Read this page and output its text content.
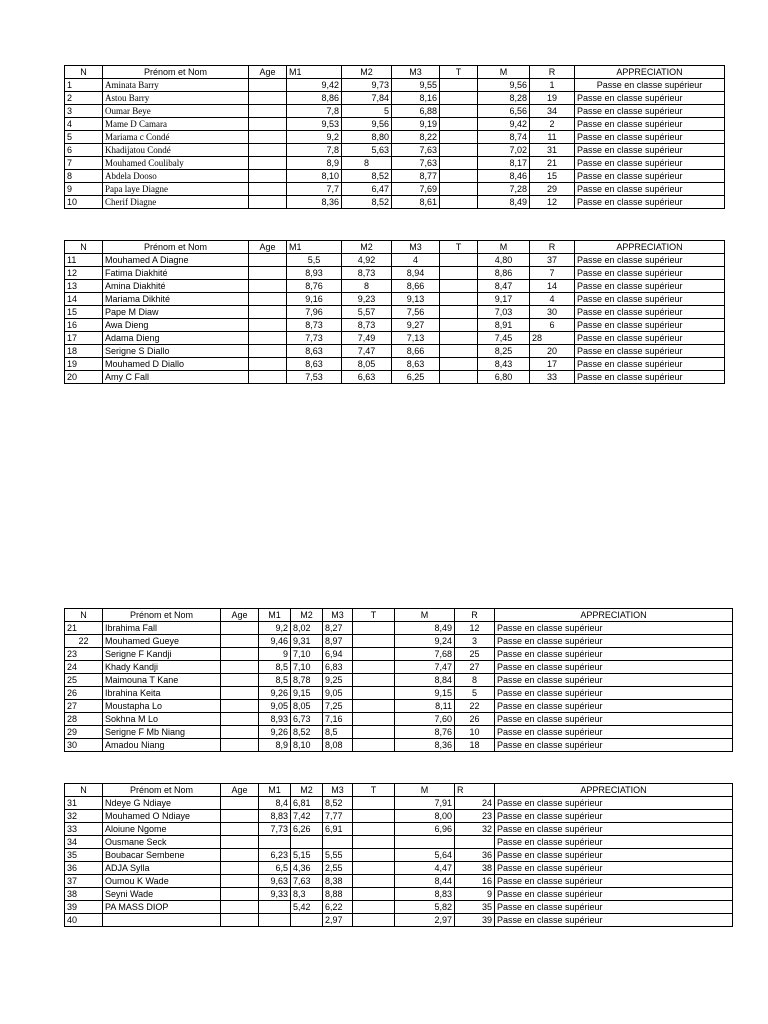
N	Prénom et Nom	Age	M1	M2	M3	T	M	R	APPRECIATION
1	Aminata Barry		9,42	9,73	9,55		9,56	1	Passe en classe supérieur
2	Astou Barry		8,86	7,84	8,16		8,28	19	Passe en classe supérieur
3	Oumar Beye		7,8	5	6,88		6,56	34	Passe en classe supérieur
4	Mame D Camara		9,53	9,56	9,19		9,42	2	Passe en classe supérieur
5	Mariama c Condé		9,2	8,80	8,22		8,74	11	Passe en classe supérieur
6	Khadijatou Condé		7,8	5,63	7,63		7,02	31	Passe en classe supérieur
7	Mouhamed Coulibaly		8,9	8	7,63		8,17	21	Passe en classe supérieur
8	Abdela Dooso		8,10	8,52	8,77		8,46	15	Passe en classe supérieur
9	Papa laye Diagne		7,7	6,47	7,69		7,28	29	Passe en classe supérieur
10	Cherif Diagne		8,36	8,52	8,61		8,49	12	Passe en classe supérieur
N	Prénom et Nom	Age	M1	M2	M3	T	M	R	APPRECIATION
11	Mouhamed A Diagne		5,5	4,92	4		4,80	37	Passe en classe supérieur
12	Fatima Diakhité		8,93	8,73	8,94		8,86	7	Passe en classe supérieur
13	Amina Diakhité		8,76	8	8,66		8,47	14	Passe en classe supérieur
14	Mariama Dikhité		9,16	9,23	9,13		9,17	4	Passe en classe supérieur
15	Pape M Diaw		7,96	5,57	7,56		7,03	30	Passe en classe supérieur
16	Awa Dieng		8,73	8,73	9,27		8,91	6	Passe en classe supérieur
17	Adama Dieng		7,73	7,49	7,13		7,45	28	Passe en classe supérieur
18	Serigne S Diallo		8,63	7,47	8,66		8,25	20	Passe en classe supérieur
19	Mouhamed D Diallo		8,63	8,05	8,63		8,43	17	Passe en classe supérieur
20	Amy C Fall		7,53	6,63	6,25		6,80	33	Passe en classe supérieur
N	Prénom et Nom	Age	M1	M2	M3	T	M	R	APPRECIATION
21	Ibrahima Fall		9,2	8,02	8,27		8,49	12	Passe en classe supérieur
22	Mouhamed Gueye		9,46	9,31	8,97		9,24	3	Passe en classe supérieur
23	Serigne F Kandji		9	7,10	6,94		7,68	25	Passe en classe supérieur
24	Khady Kandji		8,5	7,10	6,83		7,47	27	Passe en classe supérieur
25	Maimouna T Kane		8,5	8,78	9,25		8,84	8	Passe en classe supérieur
26	Ibrahina Keita		9,26	9,15	9,05		9,15	5	Passe en classe supérieur
27	Moustapha Lo		9,05	8,05	7,25		8,11	22	Passe en classe supérieur
28	Sokhna M Lo		8,93	6,73	7,16		7,60	26	Passe en classe supérieur
29	Serigne F Mb Niang		9,26	8,52	8,5		8,76	10	Passe en classe supérieur
30	Amadou Niang		8,9	8,10	8,08		8,36	18	Passe en classe supérieur
N	Prénom et Nom	Age	M1	M2	M3	T	M	R	APPRECIATION
31	Ndeye G Ndiaye		8,4	6,81	8,52		7,91	24	Passe en classe supérieur
32	Mouhamed O Ndiaye		8,83	7,42	7,77		8,00	23	Passe en classe supérieur
33	Aloiune Ngome		7,73	6,26	6,91		6,96	32	Passe en classe supérieur
34	Ousmane Seck								Passe en classe supérieur
35	Boubacar Sembene		6,23	5,15	5,55		5,64	36	Passe en classe supérieur
36	ADJA Sylla		6,5	4,36	2,55		4,47	38	Passe en classe supérieur
37	Oumou K Wade		9,63	7,63	8,38		8,44	16	Passe en classe supérieur
38	Seyni Wade		9,33	8,3	8,88		8,83	9	Passe en classe supérieur
39	PA MASS DIOP			5,42	6,22		5,82	35	Passe en classe supérieur
40					2,97		2,97	39	Passe en classe supérieur
